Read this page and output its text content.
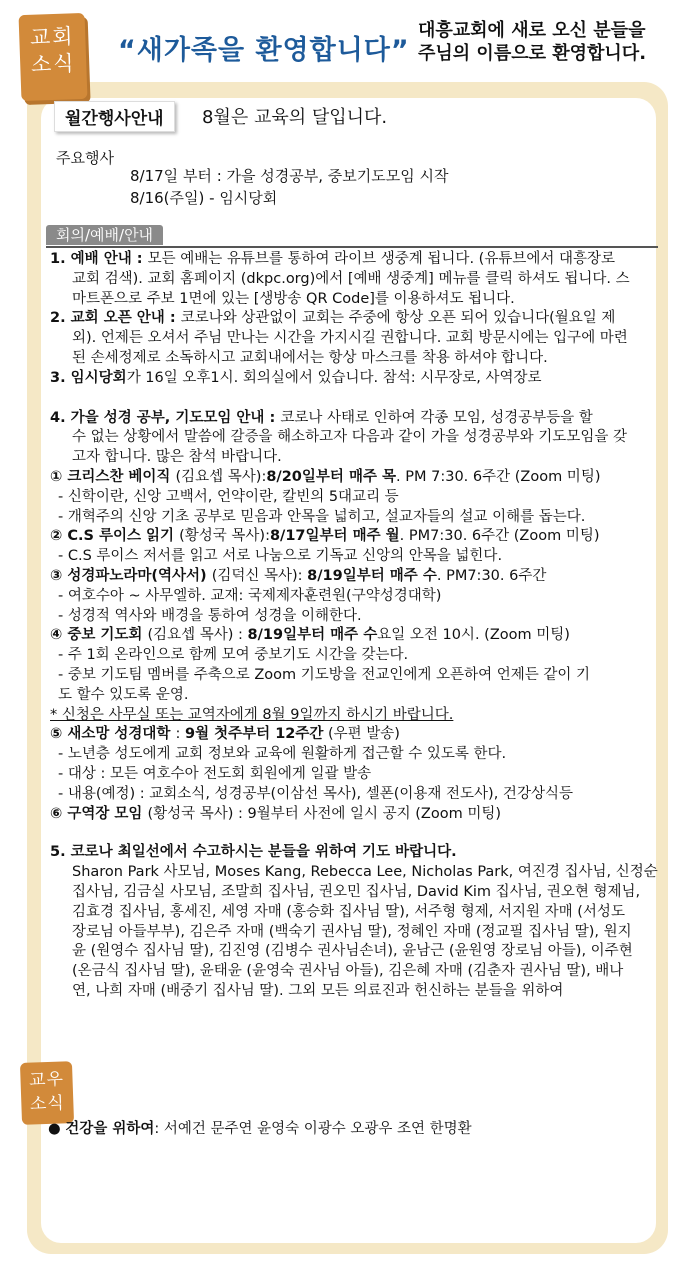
교회
소식	“새가족을 환영합니다”
대흥교회에 새로 오신 분들을
주님의 이름으로 환영합니다.
월간행사안내	8월은 교육의 달입니다.
주요행사
8/17일 부터 : 가을 성경공부, 중보기도모임 시작
8/16(주일) - 임시당회
회의/예배/안내
1. 예배 안내 : 모든 예배는 유튜브를 통하여 라이브 생중계 됩니다. (유튜브에서 대흥장로
교회 검색). 교회 홈페이지 (dkpc.org)에서 [예배 생중계] 메뉴를 클릭 하셔도 됩니다. 스
마트폰으로 주보 1면에 있는 [생방송 QR Code]를 이용하셔도 됩니다.
2. 교회 오픈 안내 : 코로나와 상관없이 교회는 주중에 항상 오픈 되어 있습니다(월요일 제
외). 언제든 오셔서 주님 만나는 시간을 가지시길 권합니다. 교회 방문시에는 입구에 마련
된 손세정제로 소독하시고 교회내에서는 항상 마스크를 착용 하셔야 합니다.
3. 임시당회가 16일 오후1시. 회의실에서 있습니다. 참석: 시무장로, 사역장로
4. 가을 성경 공부, 기도모임 안내 : 코로나 사태로 인하여 각종 모임, 성경공부등을 할
수 없는 상황에서 말씀에 갈증을 해소하고자 다음과 같이 가을 성경공부와 기도모임을 갖
고자 합니다. 많은 참석 바랍니다.
① 크리스찬 베이직 (김요셉 목사):8/20일부터 매주 목. PM 7:30. 6주간 (Zoom 미팅)
- 신학이란, 신앙 고백서, 언약이란, 칼빈의 5대교리 등
- 개혁주의 신앙 기초 공부로 믿음과 안목을 넓히고, 설교자들의 설교 이해를 돕는다.
② C.S 루이스 읽기 (황성국 목사):8/17일부터 매주 월. PM7:30. 6주간 (Zoom 미팅)
- C.S 루이스 저서를 읽고 서로 나눔으로 기독교 신앙의 안목을 넓힌다.
③ 성경파노라마(역사서) (김덕신 목사): 8/19일부터 매주 수. PM7:30. 6주간
- 여호수아 ~ 사무엘하. 교재: 국제제자훈련원(구약성경대학)
- 성경적 역사와 배경을 통하여 성경을 이해한다.
④ 중보 기도회 (김요셉 목사) : 8/19일부터 매주 수요일 오전 10시. (Zoom 미팅)
- 주 1회 온라인으로 함께 모여 중보기도 시간을 갖는다.
- 중보 기도팀 멤버를 주축으로 Zoom 기도방을 전교인에게 오픈하여 언제든 같이 기
도 할수 있도록 운영.
* 신청은 사무실 또는 교역자에게 8월 9일까지 하시기 바랍니다.
⑤ 새소망 성경대학 : 9월 첫주부터 12주간 (우편 발송)
- 노년층 성도에게 교회 정보와 교육에 원활하게 접근할 수 있도록 한다.
- 대상 : 모든 여호수아 전도회 회원에게 일괄 발송
- 내용(예정) : 교회소식, 성경공부(이삼선 목사), 셀폰(이용재 전도사), 건강상식등
⑥ 구역장 모임 (황성국 목사) : 9월부터 사전에 일시 공지 (Zoom 미팅)
5. 코로나 최일선에서 수고하시는 분들을 위하여 기도 바랍니다.
Sharon Park 사모님, Moses Kang, Rebecca Lee, Nicholas Park, 여진경 집사님, 신정순
집사님, 김금실 사모님, 조말희 집사님, 권오민 집사님, David Kim 집사님, 권오현 형제님,
김효경 집사님, 홍세진, 세영 자매 (홍승화 집사님 딸), 서주형 형제, 서지원 자매 (서성도
장로님 아들부부), 김은주 자매 (백숙기 권사님 딸), 정혜인 자매 (정교필 집사님 딸), 원지
윤 (원영수 집사님 딸), 김진영 (김병수 권사님손녀), 윤남근 (윤원영 장로님 아들), 이주현
(온금식 집사님 딸), 윤태윤 (윤영숙 권사님 아들), 김은혜 자매 (김춘자 권사님 딸), 배나
연, 나희 자매 (배중기 집사님 딸). 그외 모든 의료진과 헌신하는 분들을 위하여
교우
소식
● 건강을 위하여: 서예건 문주연 윤영숙 이광수 오광우 조연 한명환
